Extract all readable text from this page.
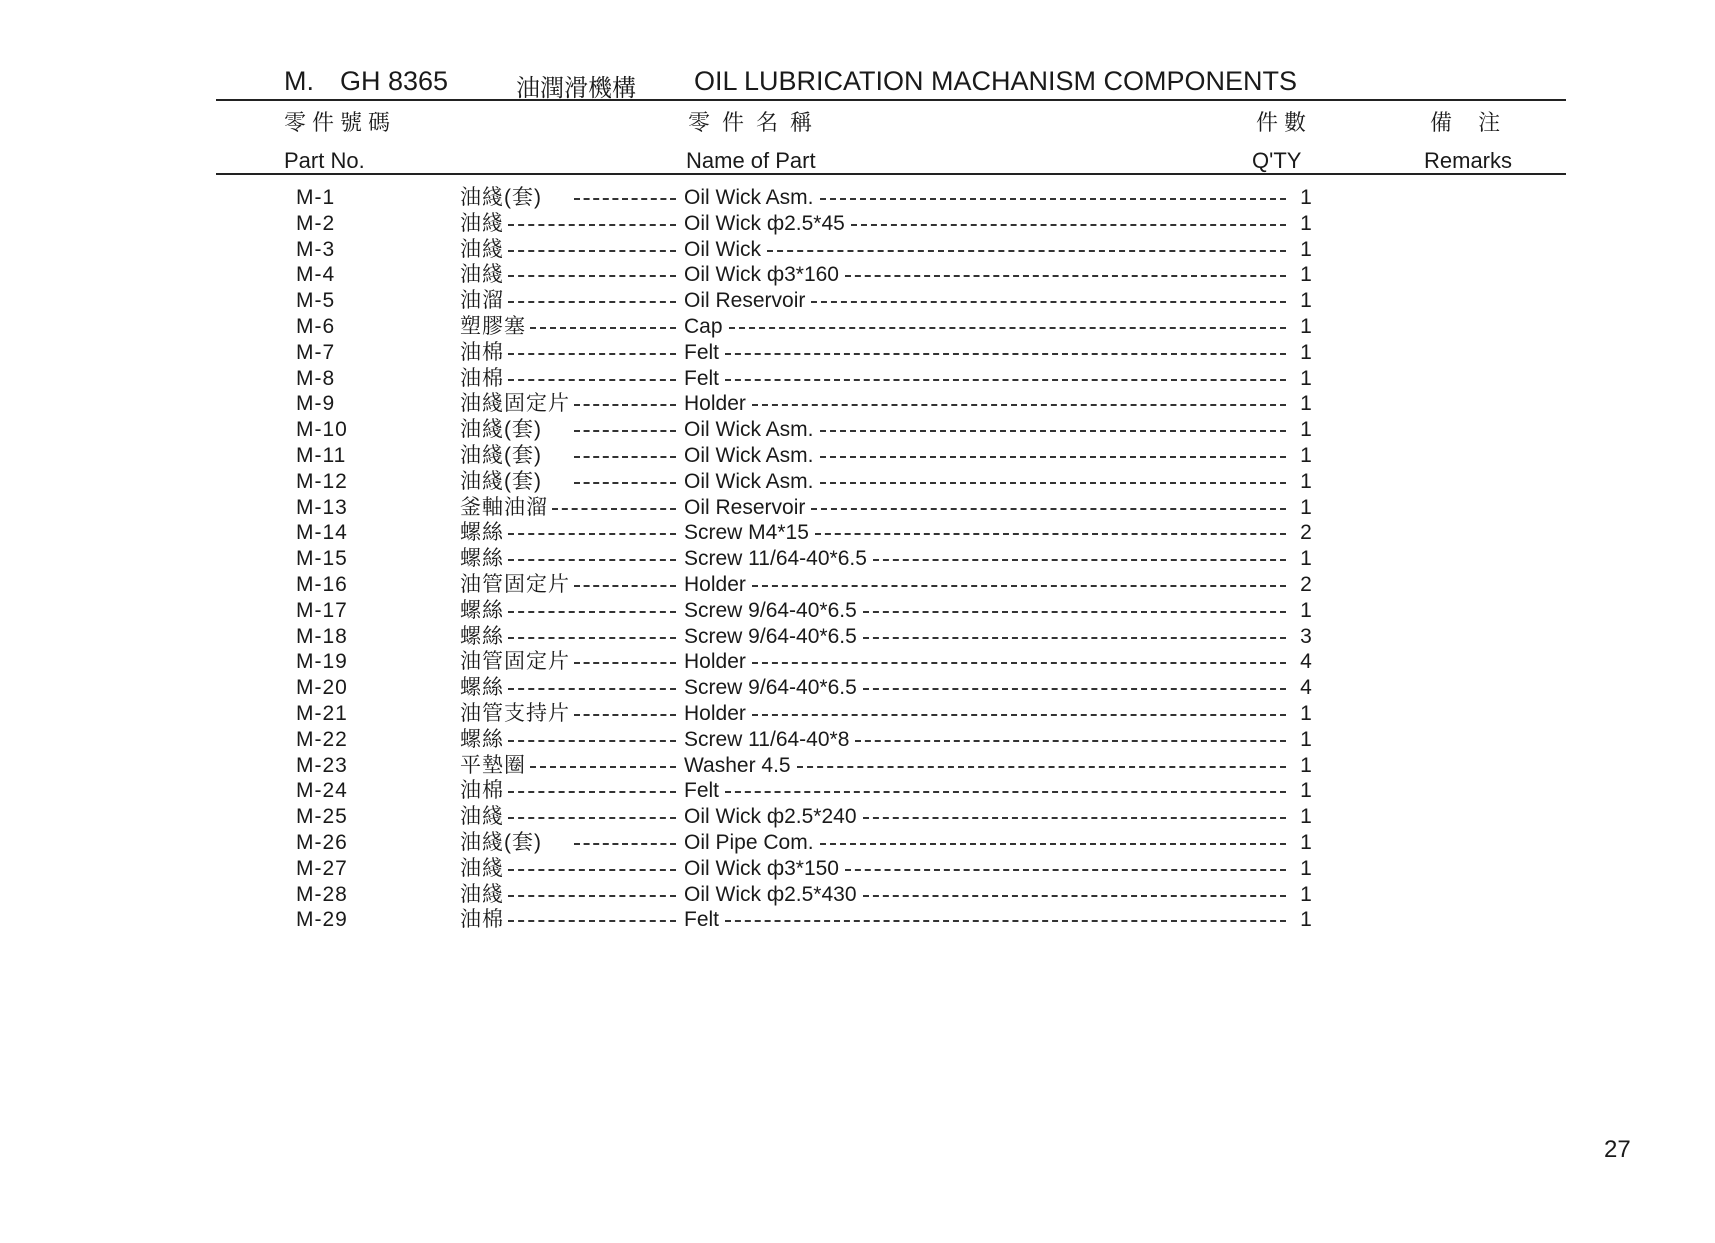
M. GH 8365	油潤滑機構 OIL LUBRICATION MACHANISM COMPONENTS
零件號碼	零件名稱	件數	備 注
Part No.	Name of Part	Q'TY	Remarks
M-1	油綫(套)	Oil Wick Asm.	1
M-2	油綫	Oil Wick ф2.5*45	1
M-3	油綫	Oil Wick	1
M-4	油綫	Oil Wick ф3*160	1
M-5	油溜	Oil Reservoir	1
M-6	塑膠塞	Cap	1
M-7	油棉	Felt	1
M-8	油棉	Felt	1
M-9	油綫固定片	Holder	1
M-10	油綫(套)	Oil Wick Asm.	1
M-11	油綫(套)	Oil Wick Asm.	1
M-12	油綫(套)	Oil Wick Asm.	1
M-13	釜軸油溜	Oil Reservoir	1
M-14	螺絲	Screw M4*15	2
M-15	螺絲	Screw 11/64-40*6.5	1
M-16	油管固定片	Holder	2
M-17	螺絲	Screw 9/64-40*6.5	1
M-18	螺絲	Screw 9/64-40*6.5	3
M-19	油管固定片	Holder	4
M-20	螺絲	Screw 9/64-40*6.5	4
M-21	油管支持片	Holder	1
M-22	螺絲	Screw 11/64-40*8	1
M-23	平墊圈	Washer 4.5	1
M-24	油棉	Felt	1
M-25	油綫	Oil Wick ф2.5*240	1
M-26	油綫(套)	Oil Pipe Com.	1
M-27	油綫	Oil Wick ф3*150	1
M-28	油綫	Oil Wick ф2.5*430	1
M-29	油棉	Felt	1
27
